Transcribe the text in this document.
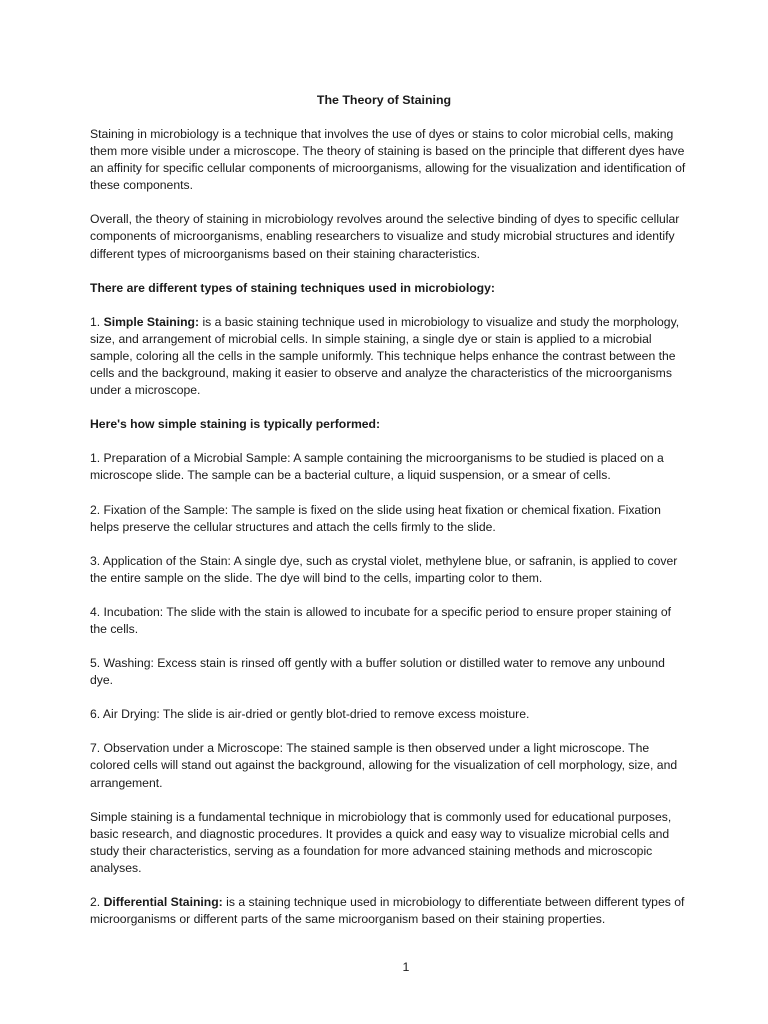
The Theory of Staining

Staining in microbiology is a technique that involves the use of dyes or stains to color microbial cells, making them more visible under a microscope. The theory of staining is based on the principle that different dyes have an affinity for specific cellular components of microorganisms, allowing for the visualization and identification of these components.

Overall, the theory of staining in microbiology revolves around the selective binding of dyes to specific cellular components of microorganisms, enabling researchers to visualize and study microbial structures and identify different types of microorganisms based on their staining characteristics.

There are different types of staining techniques used in microbiology:

1. Simple Staining: is a basic staining technique used in microbiology to visualize and study the morphology, size, and arrangement of microbial cells. In simple staining, a single dye or stain is applied to a microbial sample, coloring all the cells in the sample uniformly. This technique helps enhance the contrast between the cells and the background, making it easier to observe and analyze the characteristics of the microorganisms under a microscope.

Here's how simple staining is typically performed:

1. Preparation of a Microbial Sample: A sample containing the microorganisms to be studied is placed on a microscope slide. The sample can be a bacterial culture, a liquid suspension, or a smear of cells.

2. Fixation of the Sample: The sample is fixed on the slide using heat fixation or chemical fixation. Fixation helps preserve the cellular structures and attach the cells firmly to the slide.

3. Application of the Stain: A single dye, such as crystal violet, methylene blue, or safranin, is applied to cover the entire sample on the slide. The dye will bind to the cells, imparting color to them.

4. Incubation: The slide with the stain is allowed to incubate for a specific period to ensure proper staining of the cells.

5. Washing: Excess stain is rinsed off gently with a buffer solution or distilled water to remove any unbound dye.

6. Air Drying: The slide is air-dried or gently blot-dried to remove excess moisture.

7. Observation under a Microscope: The stained sample is then observed under a light microscope. The colored cells will stand out against the background, allowing for the visualization of cell morphology, size, and arrangement.

Simple staining is a fundamental technique in microbiology that is commonly used for educational purposes, basic research, and diagnostic procedures. It provides a quick and easy way to visualize microbial cells and study their characteristics, serving as a foundation for more advanced staining methods and microscopic analyses.

2. Differential Staining: is a staining technique used in microbiology to differentiate between different types of microorganisms or different parts of the same microorganism based on their staining properties.

1
